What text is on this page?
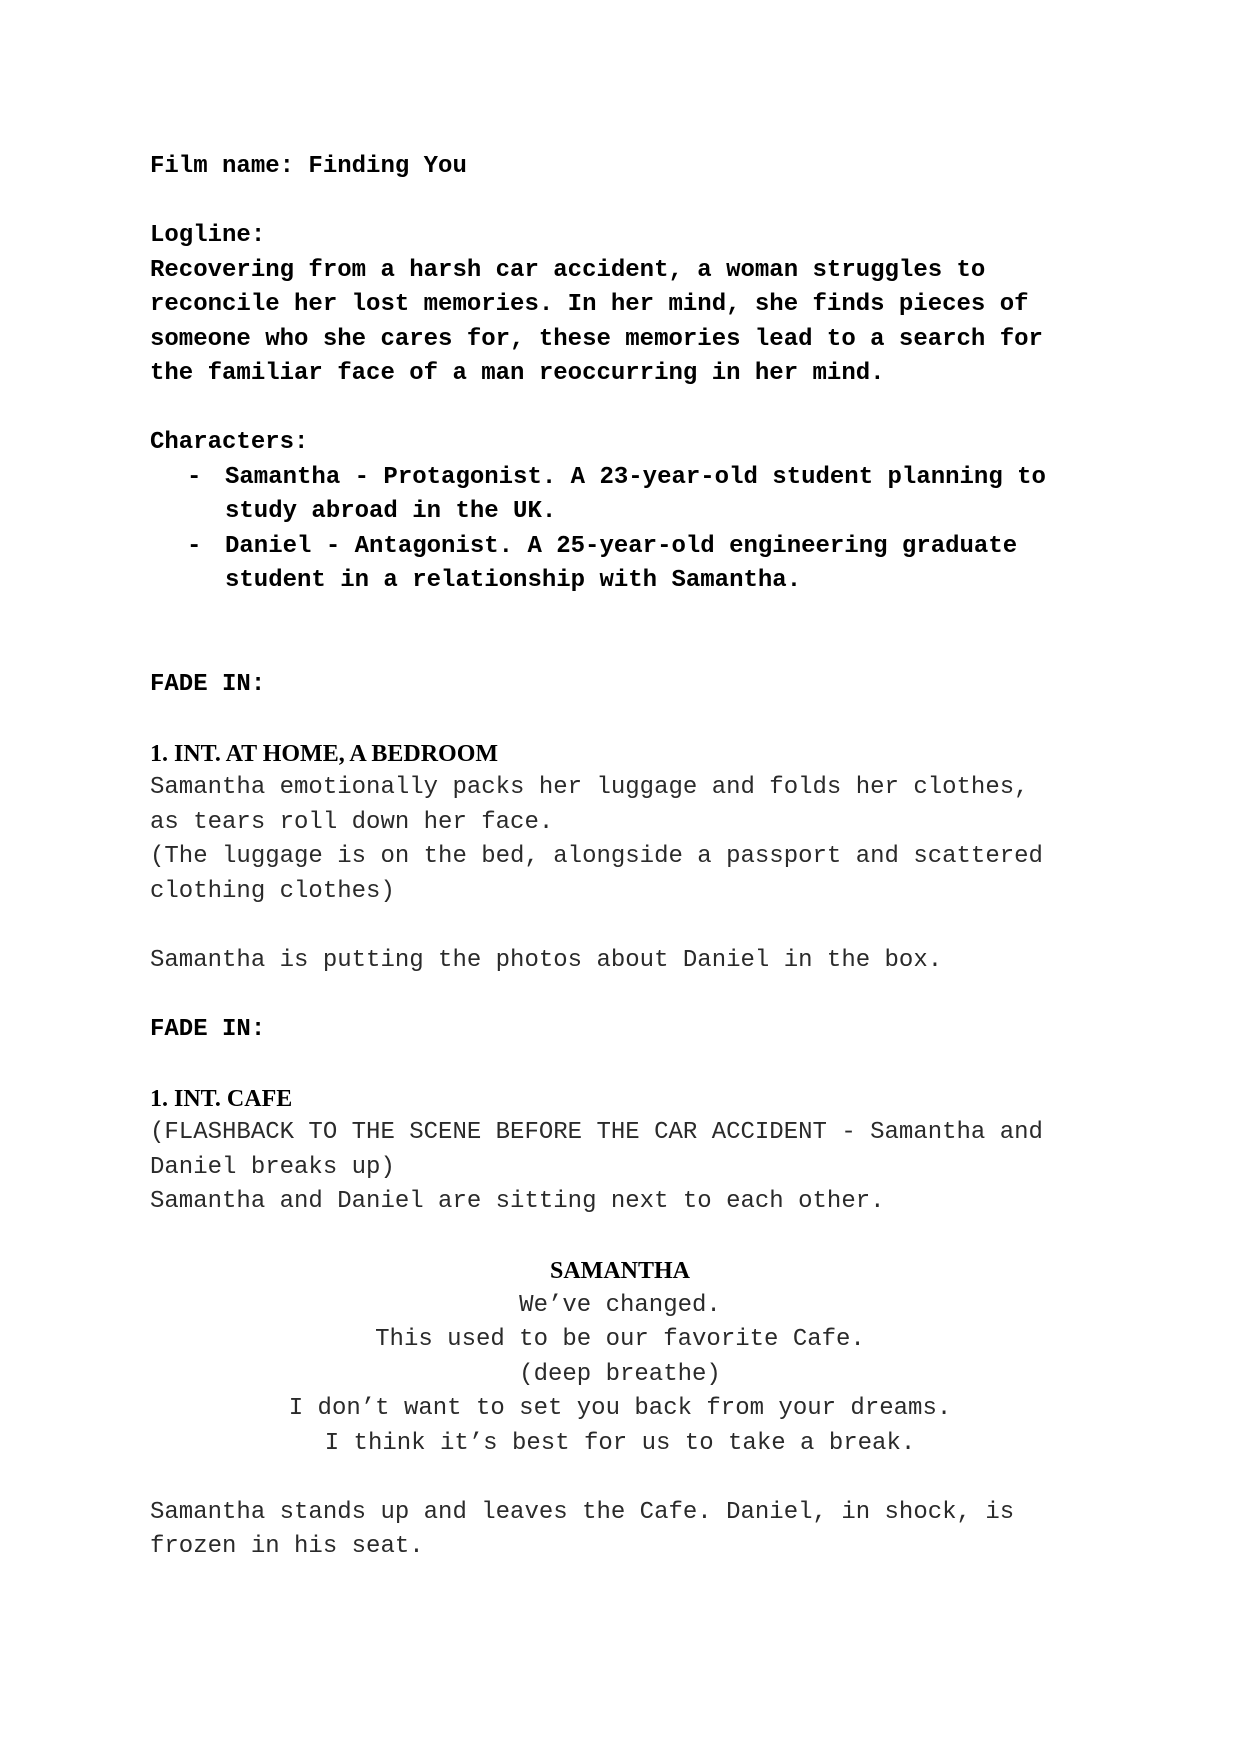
Film name: Finding You

Logline:

Recovering from a harsh car accident, a woman struggles to

reconcile her lost memories. In her mind, she finds pieces of

someone who she cares for, these memories lead to a search for

the familiar face of a man reoccurring in her mind.

Characters:

- Samantha - Protagonist. A 23-year-old student planning to
study abroad in the UK.
- Daniel - Antagonist. A 25-year-old engineering graduate
student in a relationship with Samantha.

FADE IN:

1. INT. AT HOME, A BEDROOM

Samantha emotionally packs her luggage and folds her clothes,

as tears roll down her face.

(The luggage is on the bed, alongside a passport and scattered

clothing clothes)

Samantha is putting the photos about Daniel in the box.

FADE IN:

1. INT. CAFE

(FLASHBACK TO THE SCENE BEFORE THE CAR ACCIDENT - Samantha and

Daniel breaks up)

Samantha and Daniel are sitting next to each other.

SAMANTHA

We’ve changed.

This used to be our favorite Cafe.

(deep breathe)

I don’t want to set you back from your dreams.

I think it’s best for us to take a break.

Samantha stands up and leaves the Cafe. Daniel, in shock, is

frozen in his seat.
